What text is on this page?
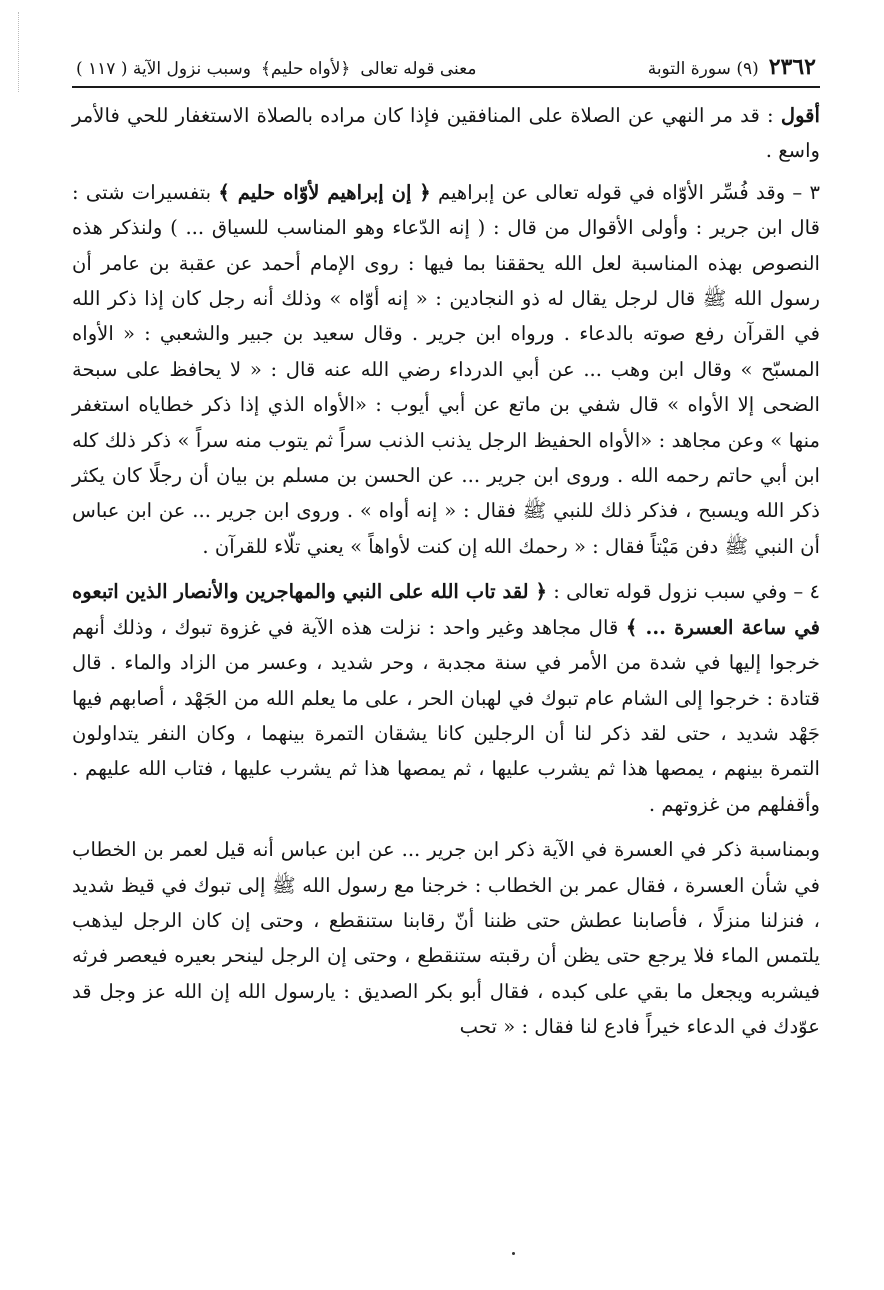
٢٣٦٢
(٩) سورة التوبة
معنى قوله تعالى
﴿لأواه حليم﴾
وسبب نزول الآية ( ١١٧ )

أقول : قد مر النهي عن الصلاة على المنافقين فإذا كان مراده بالصلاة الاستغفار للحي فالأمر واسع .

٣ – وقد فُسِّر الأوّاه في قوله تعالى عن إبراهيم ﴿ إن إبراهيم لأوّاه حليم ﴾ بتفسيرات شتى : قال ابن جرير : وأولى الأقوال من قال : ( إنه الدّعاء وهو المناسب للسياق ... ) ولنذكر هذه النصوص بهذه المناسبة لعل الله يحققنا بما فيها : روى الإمام أحمد عن عقبة بن عامر أن رسول الله ﷺ قال لرجل يقال له ذو النجادين : « إنه أوّاه » وذلك أنه رجل كان إذا ذكر الله في القرآن رفع صوته بالدعاء . ورواه ابن جرير . وقال سعيد بن جبير والشعبي : « الأواه المسبّح » وقال ابن وهب ... عن أبي الدرداء رضي الله عنه قال : « لا يحافظ على سبحة الضحى إلا الأواه » قال شفي بن ماتع عن أبي أيوب : «الأواه الذي إذا ذكر خطاياه استغفر منها » وعن مجاهد : «الأواه الحفيظ الرجل يذنب الذنب سراً ثم يتوب منه سراً » ذكر ذلك كله ابن أبي حاتم رحمه الله . وروى ابن جرير ... عن الحسن بن مسلم بن بيان أن رجلًا كان يكثر ذكر الله ويسبح ، فذكر ذلك للنبي ﷺ فقال : « إنه أواه » . وروى ابن جرير ... عن ابن عباس أن النبي ﷺ دفن مَيْتاً فقال : « رحمك الله إن كنت لأواهاً » يعني تلّاء للقرآن .

٤ – وفي سبب نزول قوله تعالى : ﴿ لقد تاب الله على النبي والمهاجرين والأنصار الذين اتبعوه في ساعة العسرة ... ﴾ قال مجاهد وغير واحد : نزلت هذه الآية في غزوة تبوك ، وذلك أنهم خرجوا إليها في شدة من الأمر في سنة مجدبة ، وحر شديد ، وعسر من الزاد والماء . قال قتادة : خرجوا إلى الشام عام تبوك في لهبان الحر ، على ما يعلم الله من الجَهْد ، أصابهم فيها جَهْد شديد ، حتى لقد ذكر لنا أن الرجلين كانا يشقان التمرة بينهما ، وكان النفر يتداولون التمرة بينهم ، يمصها هذا ثم يشرب عليها ، ثم يمصها هذا ثم يشرب عليها ، فتاب الله عليهم . وأقفلهم من غزوتهم .

وبمناسبة ذكر في العسرة في الآية ذكر ابن جرير ... عن ابن عباس أنه قيل لعمر بن الخطاب في شأن العسرة ، فقال عمر بن الخطاب : خرجنا مع رسول الله ﷺ إلى تبوك في قيظ شديد ، فنزلنا منزلًا ، فأصابنا عطش حتى ظننا أنّ رقابنا ستنقطع ، وحتى إن كان الرجل ليذهب يلتمس الماء فلا يرجع حتى يظن أن رقبته ستنقطع ، وحتى إن الرجل لينحر بعيره فيعصر فرثه فيشربه ويجعل ما بقي على كبده ، فقال أبو بكر الصديق : يارسول الله إن الله عز وجل قد عوّدك في الدعاء خيراً فادع لنا فقال : « تحب
